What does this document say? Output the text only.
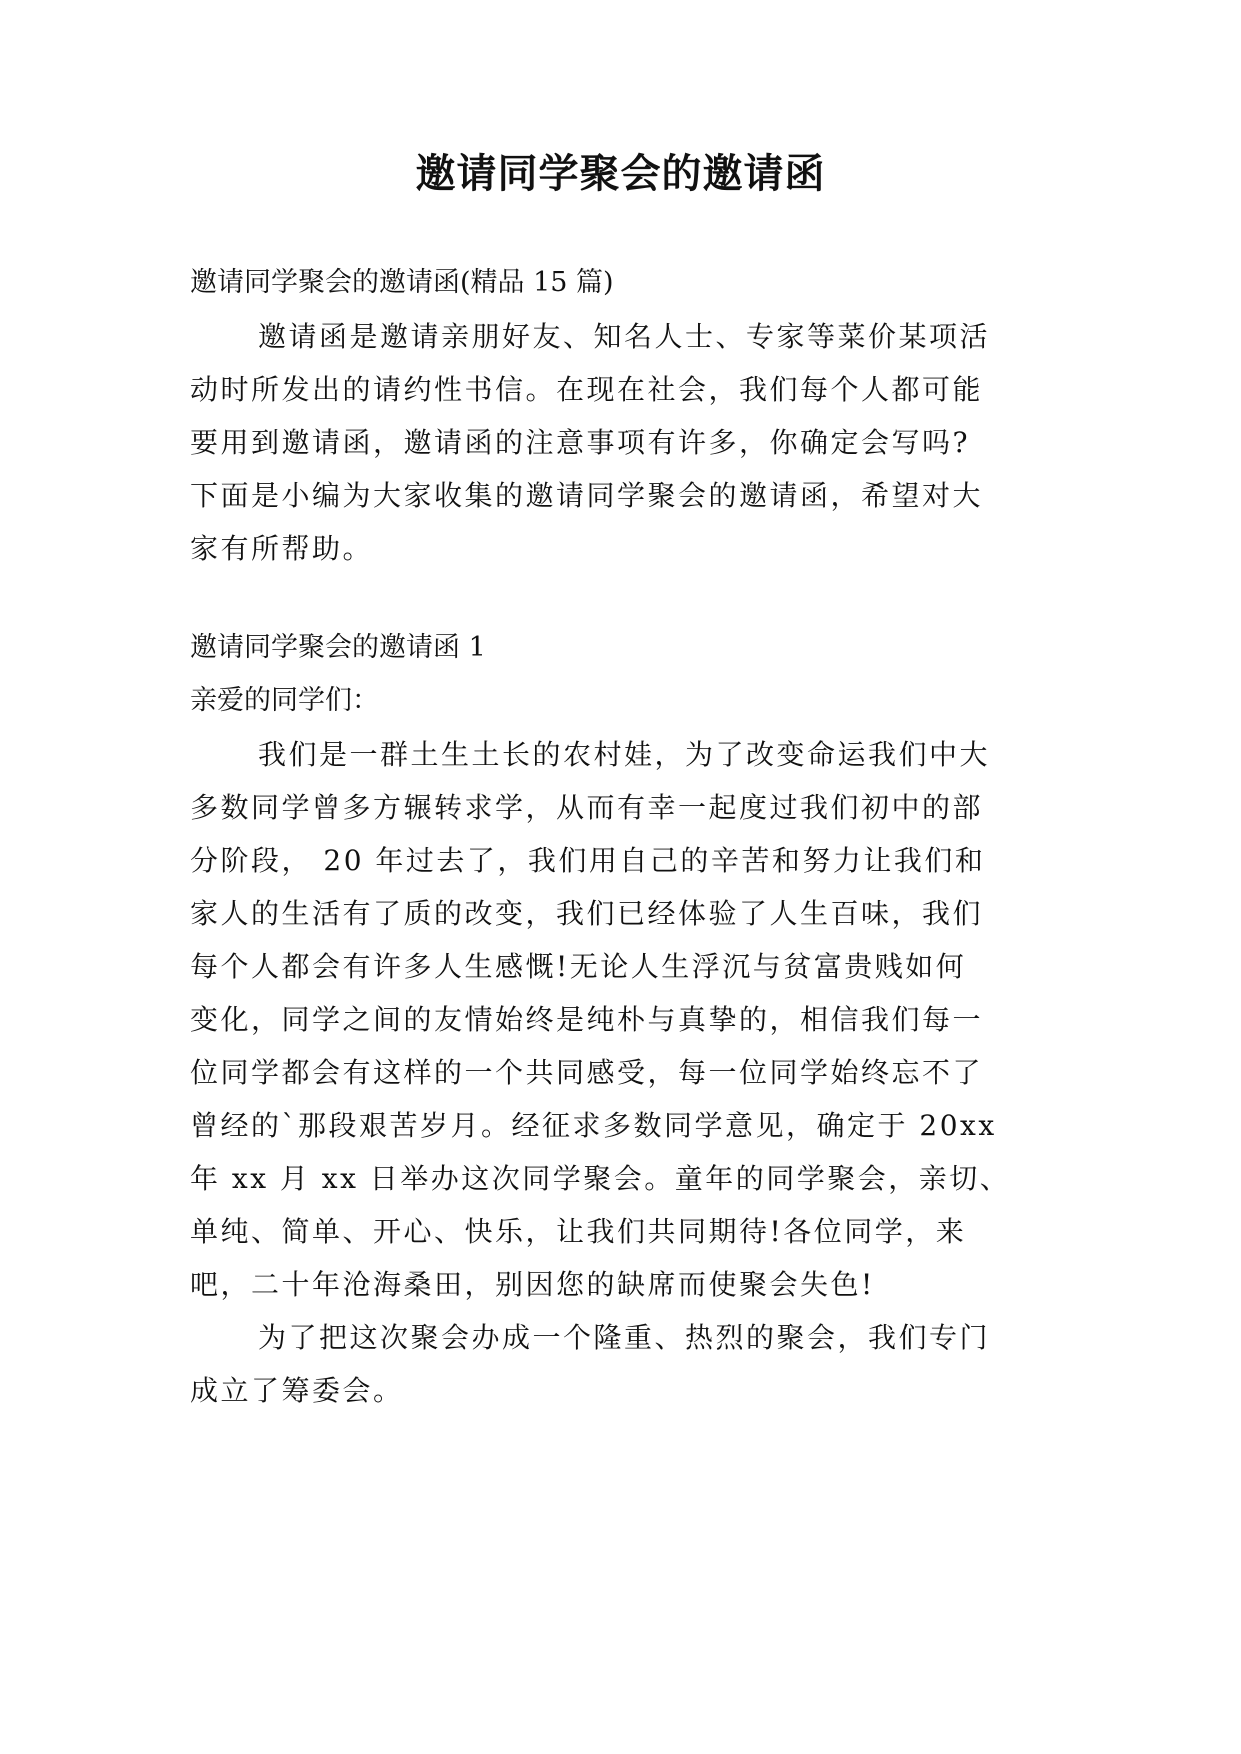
邀请同学聚会的邀请函
邀请同学聚会的邀请函(精品 15 篇)
邀请函是邀请亲朋好友、知名人士、专家等菜价某项活
动时所发出的请约性书信。在现在社会，我们每个人都可能
要用到邀请函，邀请函的注意事项有许多，你确定会写吗?
下面是小编为大家收集的邀请同学聚会的邀请函，希望对大
家有所帮助。
邀请同学聚会的邀请函 1
亲爱的同学们：
我们是一群土生土长的农村娃，为了改变命运我们中大
多数同学曾多方辗转求学，从而有幸一起度过我们初中的部
分阶段， 20 年过去了，我们用自己的辛苦和努力让我们和
家人的生活有了质的改变，我们已经体验了人生百味，我们
每个人都会有许多人生感慨!无论人生浮沉与贫富贵贱如何
变化，同学之间的友情始终是纯朴与真挚的，相信我们每一
位同学都会有这样的一个共同感受，每一位同学始终忘不了
曾经的`那段艰苦岁月。经征求多数同学意见，确定于 20xx
年 xx 月 xx 日举办这次同学聚会。童年的同学聚会，亲切、
单纯、简单、开心、快乐，让我们共同期待!各位同学，来
吧，二十年沧海桑田，别因您的缺席而使聚会失色!
为了把这次聚会办成一个隆重、热烈的聚会，我们专门
成立了筹委会。
